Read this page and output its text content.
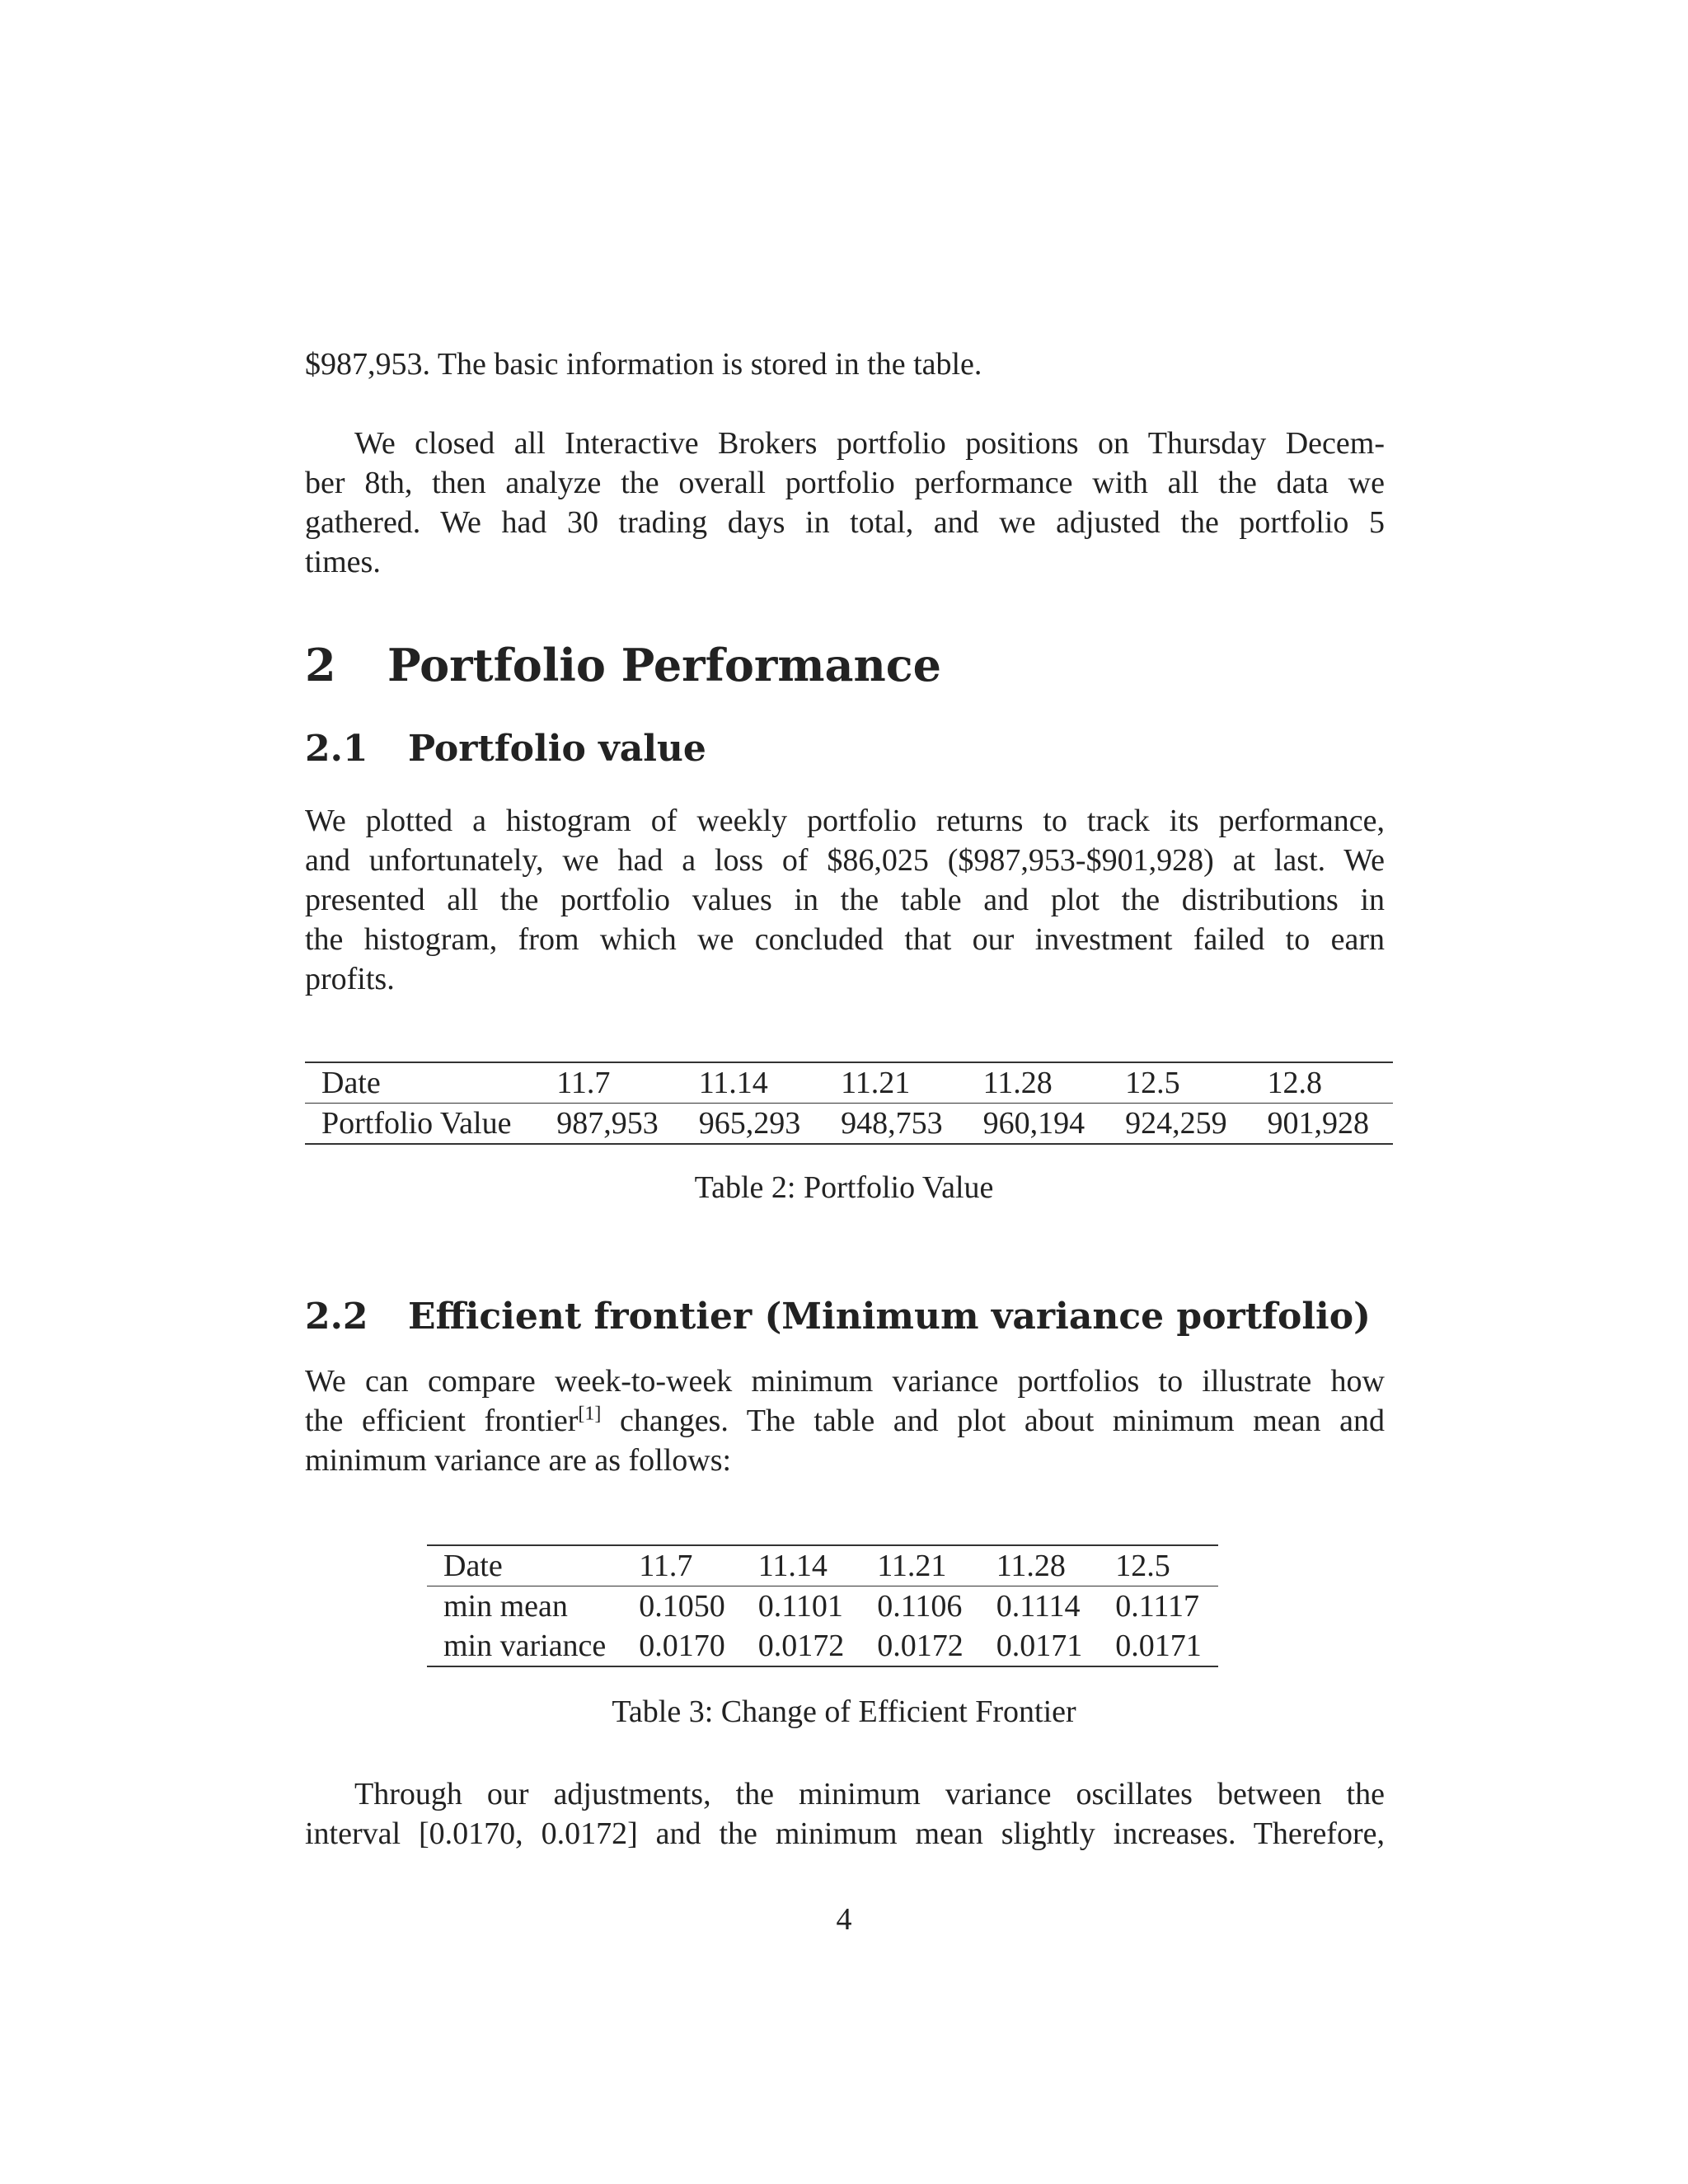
$987,953. The basic information is stored in the table.

We closed all Interactive Brokers portfolio positions on Thursday Decem-
ber 8th, then analyze the overall portfolio performance with all the data we
gathered. We had 30 trading days in total, and we adjusted the portfolio 5
times.
2 Portfolio Performance
2.1 Portfolio value
We plotted a histogram of weekly portfolio returns to track its performance,
and unfortunately, we had a loss of $86,025 ($987,953-$901,928) at last. We
presented all the portfolio values in the table and plot the distributions in
the histogram, from which we concluded that our investment failed to earn
profits.
Date	11.7	11.14	11.21	11.28	12.5	12.8
Portfolio Value	987,953	965,293	948,753	960,194	924,259	901,928
Table 2: Portfolio Value
2.2 Efficient frontier (Minimum variance portfolio)
We can compare week-to-week minimum variance portfolios to illustrate how
the efficient frontier[1] changes. The table and plot about minimum mean and
minimum variance are as follows:
Date	11.7	11.14	11.21	11.28	12.5
min mean	0.1050	0.1101	0.1106	0.1114	0.1117
min variance	0.0170	0.0172	0.0172	0.0171	0.0171
Table 3: Change of Efficient Frontier
Through our adjustments, the minimum variance oscillates between the
interval [0.0170, 0.0172] and the minimum mean slightly increases. Therefore,
4
